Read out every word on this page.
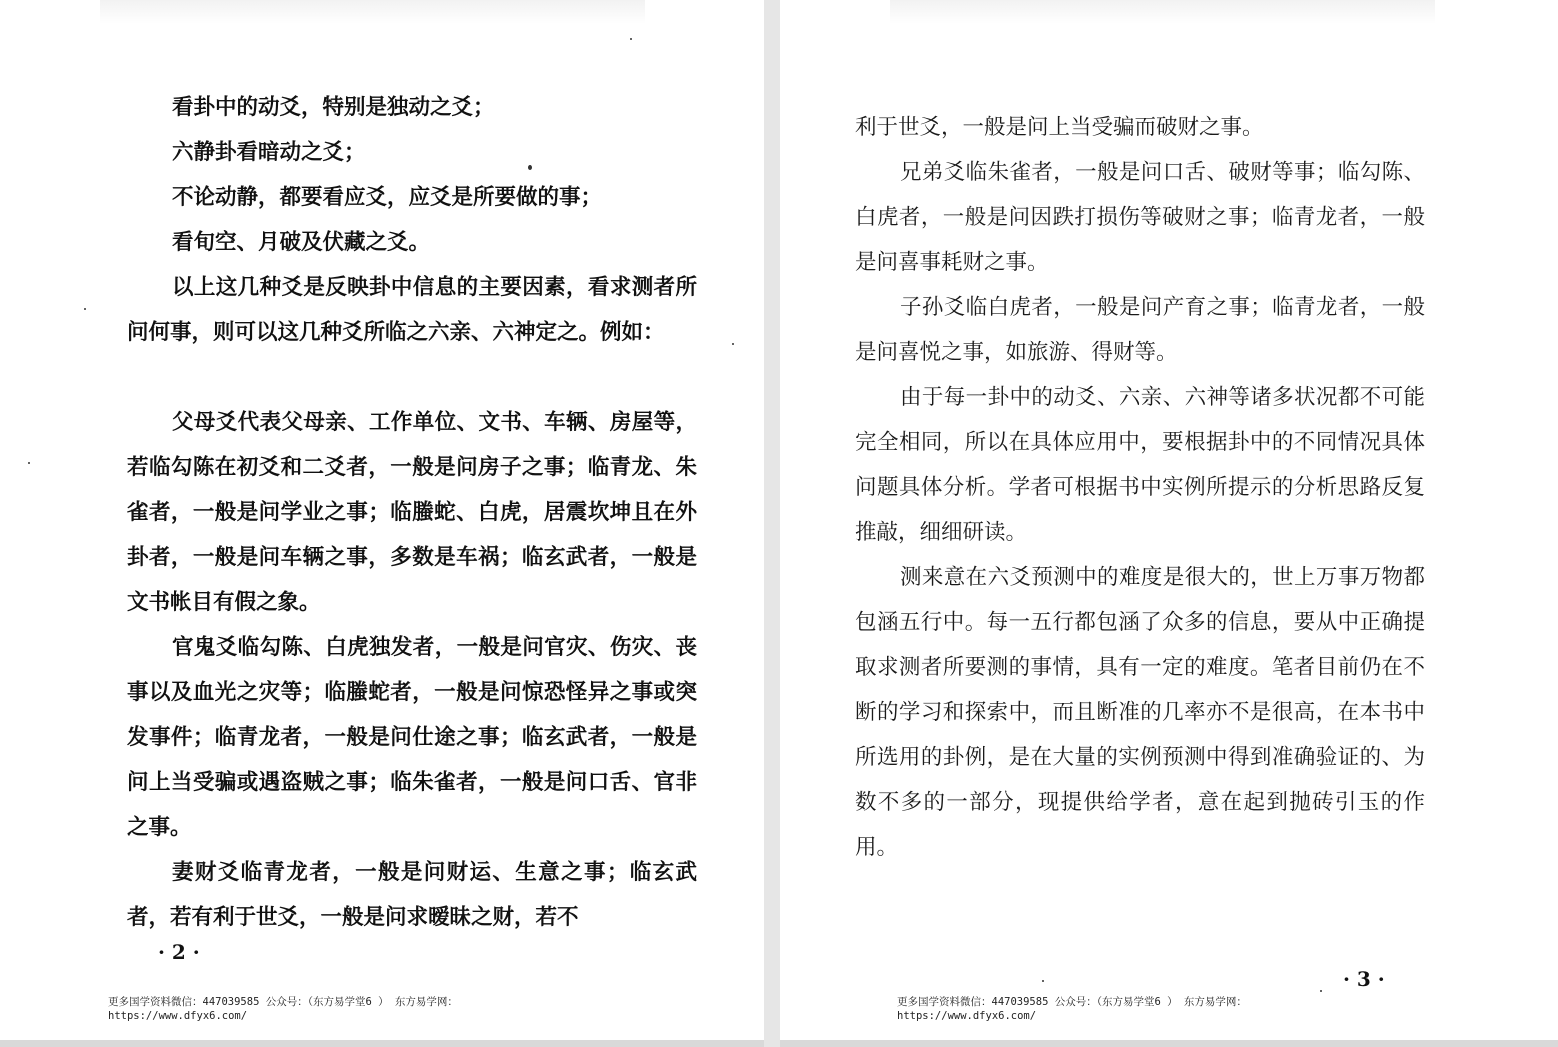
看卦中的动爻，特别是独动之爻；

六静卦看暗动之爻；

不论动静，都要看应爻，应爻是所要做的事；

看旬空、月破及伏藏之爻。

以上这几种爻是反映卦中信息的主要因素，看求测者所问何事，则可以这几种爻所临之六亲、六神定之。例如：

父母爻代表父母亲、工作单位、文书、车辆、房屋等，若临勾陈在初爻和二爻者，一般是问房子之事；临青龙、朱雀者，一般是问学业之事；临螣蛇、白虎，居震坎坤且在外卦者，一般是问车辆之事，多数是车祸；临玄武者，一般是文书帐目有假之象。

官鬼爻临勾陈、白虎独发者，一般是问官灾、伤灾、丧事以及血光之灾等；临螣蛇者，一般是问惊恐怪异之事或突发事件；临青龙者，一般是问仕途之事；临玄武者，一般是问上当受骗或遇盗贼之事；临朱雀者，一般是问口舌、官非之事。

妻财爻临青龙者，一般是问财运、生意之事；临玄武者，若有利于世爻，一般是问求暧昧之财，若不

· 2 ·
更多国学资料微信：447039585 公众号：（东方易学堂6 ） 东方易学网：
https://www.dfyx6.com/

利于世爻，一般是问上当受骗而破财之事。

兄弟爻临朱雀者，一般是问口舌、破财等事；临勾陈、白虎者，一般是问因跌打损伤等破财之事；临青龙者，一般是问喜事耗财之事。

子孙爻临白虎者，一般是问产育之事；临青龙者，一般是问喜悦之事，如旅游、得财等。

由于每一卦中的动爻、六亲、六神等诸多状况都不可能完全相同，所以在具体应用中，要根据卦中的不同情况具体问题具体分析。学者可根据书中实例所提示的分析思路反复推敲，细细研读。

测来意在六爻预测中的难度是很大的，世上万事万物都包涵五行中。每一五行都包涵了众多的信息，要从中正确提取求测者所要测的事情，具有一定的难度。笔者目前仍在不断的学习和探索中，而且断准的几率亦不是很高，在本书中所选用的卦例，是在大量的实例预测中得到准确验证的、为数不多的一部分，现提供给学者，意在起到抛砖引玉的作用。

· 3 ·
更多国学资料微信：447039585 公众号：（东方易学堂6 ） 东方易学网：
https://www.dfyx6.com/
